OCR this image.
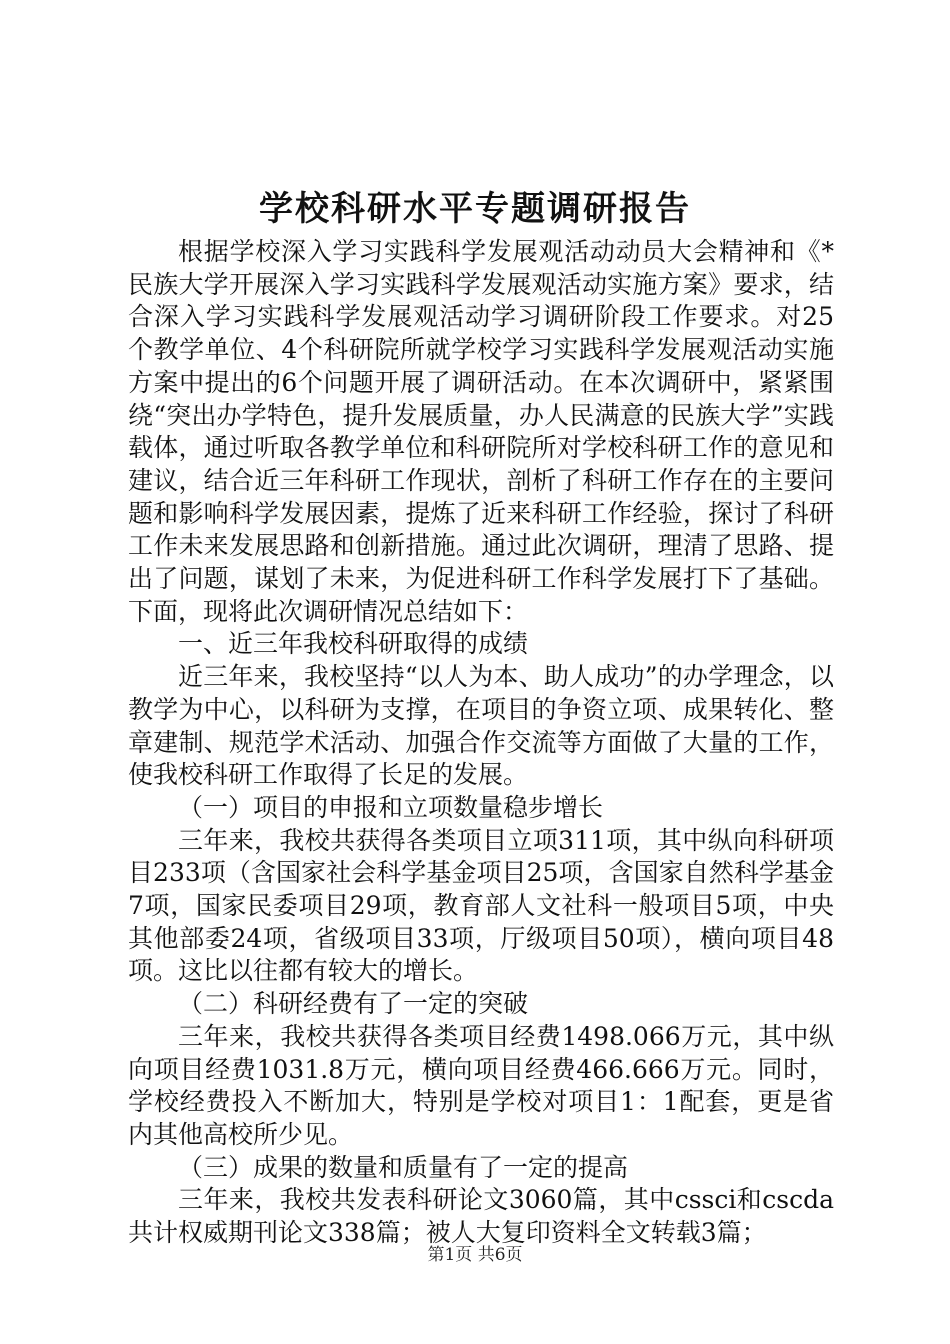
学校科研水平专题调研报告

根据学校深入学习实践科学发展观活动动员大会精神和《*民族大学开展深入学习实践科学发展观活动实施方案》要求，结合深入学习实践科学发展观活动学习调研阶段工作要求。对25个教学单位、4个科研院所就学校学习实践科学发展观活动实施方案中提出的6个问题开展了调研活动。在本次调研中，紧紧围绕“突出办学特色，提升发展质量，办人民满意的民族大学”实践载体，通过听取各教学单位和科研院所对学校科研工作的意见和建议，结合近三年科研工作现状，剖析了科研工作存在的主要问题和影响科学发展因素，提炼了近来科研工作经验，探讨了科研工作未来发展思路和创新措施。通过此次调研，理清了思路、提出了问题，谋划了未来，为促进科研工作科学发展打下了基础。下面，现将此次调研情况总结如下：

一、近三年我校科研取得的成绩

近三年来，我校坚持“以人为本、助人成功”的办学理念，以教学为中心，以科研为支撑，在项目的争资立项、成果转化、整章建制、规范学术活动、加强合作交流等方面做了大量的工作，使我校科研工作取得了长足的发展。

（一）项目的申报和立项数量稳步增长

三年来，我校共获得各类项目立项311项，其中纵向科研项目233项（含国家社会科学基金项目25项，含国家自然科学基金7项，国家民委项目29项，教育部人文社科一般项目5项，中央其他部委24项，省级项目33项，厅级项目50项），横向项目48项。这比以往都有较大的增长。

（二）科研经费有了一定的突破

三年来，我校共获得各类项目经费1498.066万元，其中纵向项目经费1031.8万元，横向项目经费466.666万元。同时，学校经费投入不断加大，特别是学校对项目1：1配套，更是省内其他高校所少见。

（三）成果的数量和质量有了一定的提高

三年来，我校共发表科研论文3060篇，其中cssci和cscda共计权威期刊论文338篇；被人大复印资料全文转载3篇；

第1页 共6页
